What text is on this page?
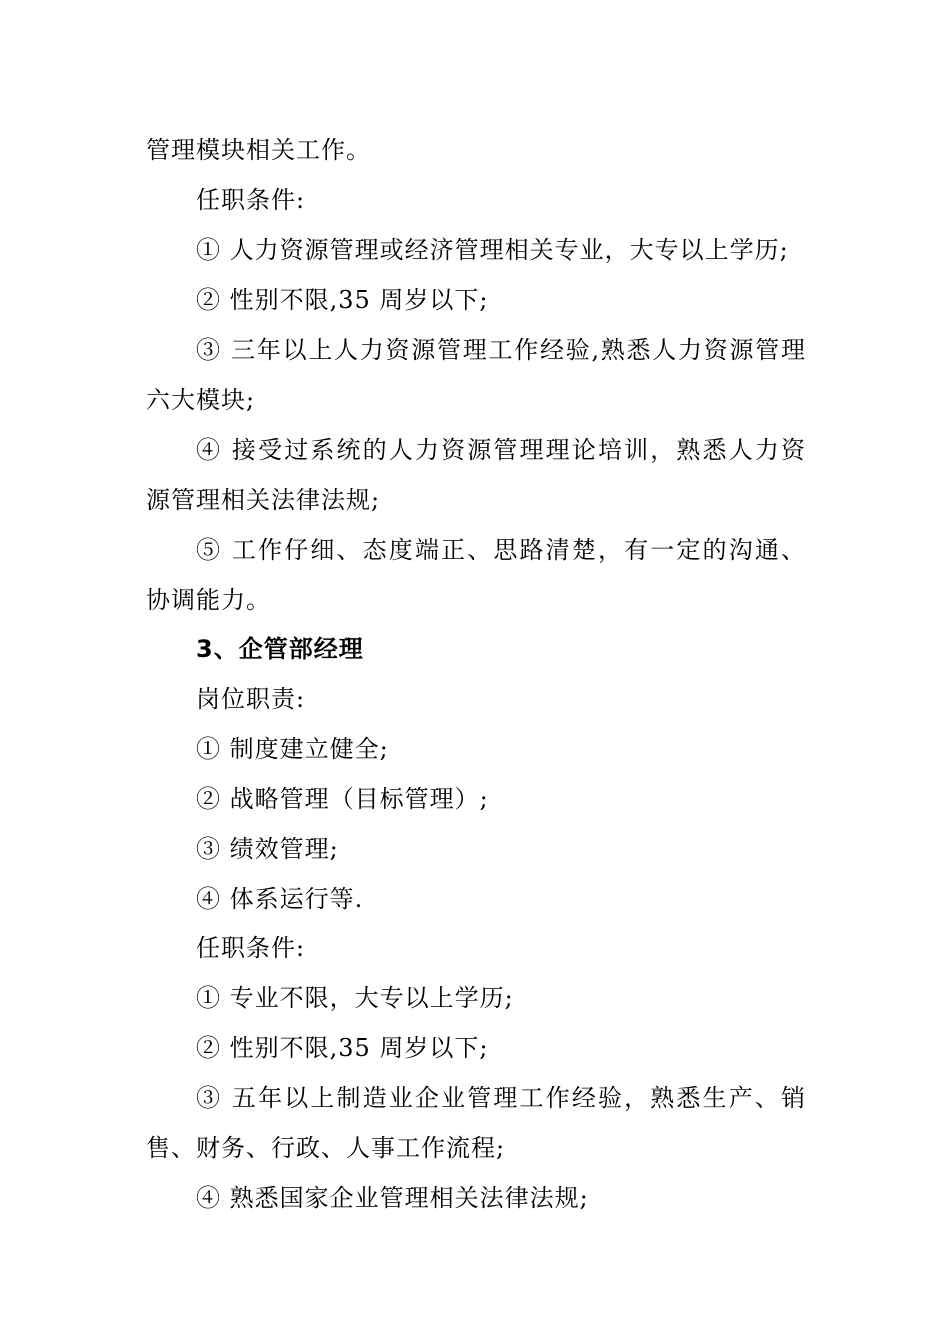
管理模块相关工作。
任职条件:
① 人力资源管理或经济管理相关专业，大专以上学历;
② 性别不限,35 周岁以下;
③ 三年以上人力资源管理工作经验,熟悉人力资源管理
六大模块;
④ 接受过系统的人力资源管理理论培训，熟悉人力资
源管理相关法律法规;
⑤ 工作仔细、态度端正、思路清楚，有一定的沟通、
协调能力。
3、企管部经理
岗位职责:
① 制度建立健全;
② 战略管理（目标管理）;
③ 绩效管理;
④ 体系运行等.
任职条件:
① 专业不限，大专以上学历;
② 性别不限,35 周岁以下;
③ 五年以上制造业企业管理工作经验，熟悉生产、销
售、财务、行政、人事工作流程;
④ 熟悉国家企业管理相关法律法规;
